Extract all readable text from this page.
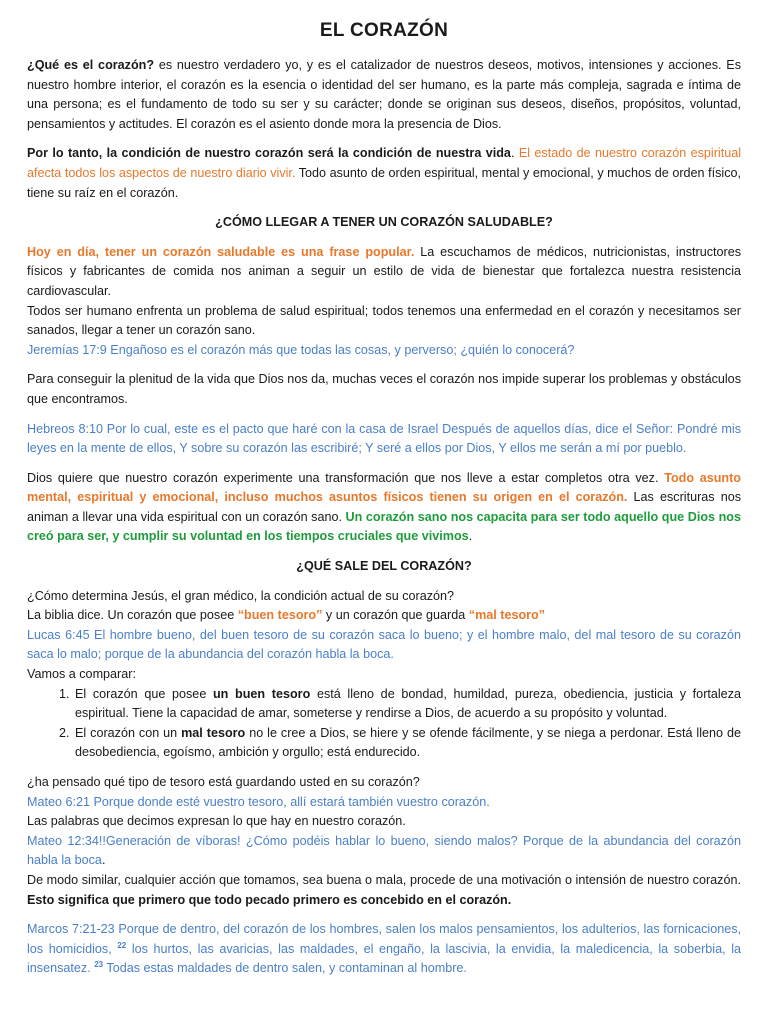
EL CORAZÓN

¿Qué es el corazón? es nuestro verdadero yo, y es el catalizador de nuestros deseos, motivos, intensiones y acciones. Es nuestro hombre interior, el corazón es la esencia o identidad del ser humano, es la parte más compleja, sagrada e íntima de una persona; es el fundamento de todo su ser y su carácter; donde se originan sus deseos, diseños, propósitos, voluntad, pensamientos y actitudes. El corazón es el asiento donde mora la presencia de Dios.

Por lo tanto, la condición de nuestro corazón será la condición de nuestra vida. El estado de nuestro corazón espiritual afecta todos los aspectos de nuestro diario vivir. Todo asunto de orden espiritual, mental y emocional, y muchos de orden físico, tiene su raíz en el corazón.

¿CÓMO LLEGAR A TENER UN CORAZÓN SALUDABLE?

Hoy en día, tener un corazón saludable es una frase popular. La escuchamos de médicos, nutricionistas, instructores físicos y fabricantes de comida nos animan a seguir un estilo de vida de bienestar que fortalezca nuestra resistencia cardiovascular.

Todos ser humano enfrenta un problema de salud espiritual; todos tenemos una enfermedad en el corazón y necesitamos ser sanados, llegar a tener un corazón sano.

Jeremías 17:9 Engañoso es el corazón más que todas las cosas, y perverso; ¿quién lo conocerá?

Para conseguir la plenitud de la vida que Dios nos da, muchas veces el corazón nos impide superar los problemas y obstáculos que encontramos.

Hebreos 8:10 Por lo cual, este es el pacto que haré con la casa de Israel Después de aquellos días, dice el Señor: Pondré mis leyes en la mente de ellos, Y sobre su corazón las escribiré; Y seré a ellos por Dios, Y ellos me serán a mí por pueblo.

Dios quiere que nuestro corazón experimente una transformación que nos lleve a estar completos otra vez. Todo asunto mental, espiritual y emocional, incluso muchos asuntos físicos tienen su origen en el corazón. Las escrituras nos animan a llevar una vida espiritual con un corazón sano. Un corazón sano nos capacita para ser todo aquello que Dios nos creó para ser, y cumplir su voluntad en los tiempos cruciales que vivimos.

¿QUÉ SALE DEL CORAZÓN?

¿Cómo determina Jesús, el gran médico, la condición actual de su corazón?

La biblia dice. Un corazón que posee “buen tesoro” y un corazón que guarda “mal tesoro”

Lucas 6:45 El hombre bueno, del buen tesoro de su corazón saca lo bueno; y el hombre malo, del mal tesoro de su corazón saca lo malo; porque de la abundancia del corazón habla la boca.

Vamos a comparar:

1. El corazón que posee un buen tesoro está lleno de bondad, humildad, pureza, obediencia, justicia y fortaleza espiritual. Tiene la capacidad de amar, someterse y rendirse a Dios, de acuerdo a su propósito y voluntad.
2. El corazón con un mal tesoro no le cree a Dios, se hiere y se ofende fácilmente, y se niega a perdonar. Está lleno de desobediencia, egoísmo, ambición y orgullo; está endurecido.

¿ha pensado qué tipo de tesoro está guardando usted en su corazón?

Mateo 6:21 Porque donde esté vuestro tesoro, allí estará también vuestro corazón.

Las palabras que decimos expresan lo que hay en nuestro corazón.

Mateo 12:34!!Generación de víboras! ¿Cómo podéis hablar lo bueno, siendo malos? Porque de la abundancia del corazón habla la boca.

De modo similar, cualquier acción que tomamos, sea buena o mala, procede de una motivación o intensión de nuestro corazón. Esto significa que primero que todo pecado primero es concebido en el corazón.

Marcos 7:21-23 Porque de dentro, del corazón de los hombres, salen los malos pensamientos, los adulterios, las fornicaciones, los homicidios, $^{22}$ los hurtos, las avaricias, las maldades, el engaño, la lascivia, la envidia, la maledicencia, la soberbia, la insensatez. $^{23}$ Todas estas maldades de dentro salen, y contaminan al hombre.
